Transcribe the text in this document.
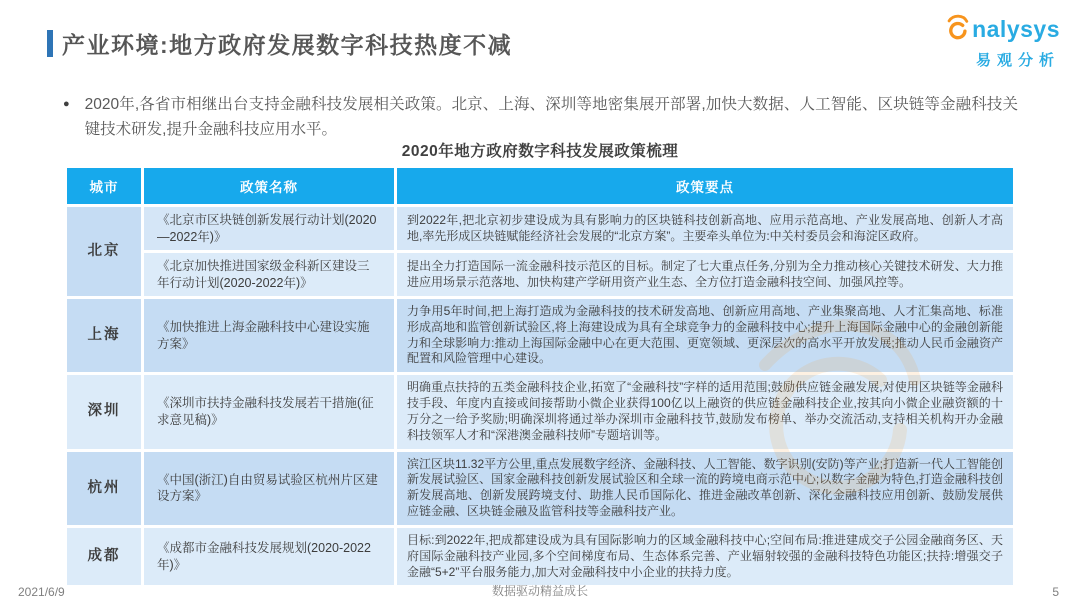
产业环境:地方政府发展数字科技热度不减
nalysys
易观分析
● 2020年,各省市相继出台支持金融科技发展相关政策。北京、上海、深圳等地密集展开部署,加快大数据、人工智能、区块链等金融科技关键技术研发,提升金融科技应用水平。

2020年地方政府数字科技发展政策梳理
城市	政策名称	政策要点
北京	《北京市区块链创新发展行动计划(2020—2022年)》	到2022年,把北京初步建设成为具有影响力的区块链科技创新高地、应用示范高地、产业发展高地、创新人才高地,率先形成区块链赋能经济社会发展的“北京方案”。主要牵头单位为:中关村委员会和海淀区政府。
	《北京加快推进国家级金科新区建设三年行动计划(2020-2022年)》	提出全力打造国际一流金融科技示范区的目标。制定了七大重点任务,分别为全力推动核心关键技术研发、大力推进应用场景示范落地、加快构建产学研用资产业生态、全方位打造金融科技空间、加强风控等。
上海	《加快推进上海金融科技中心建设实施方案》	力争用5年时间,把上海打造成为金融科技的技术研发高地、创新应用高地、产业集聚高地、人才汇集高地、标准形成高地和监管创新试验区,将上海建设成为具有全球竞争力的金融科技中心;提升上海国际金融中心的金融创新能力和全球影响力:推动上海国际金融中心在更大范围、更宽领域、更深层次的高水平开放发展;推动人民币金融资产配置和风险管理中心建设。
深圳	《深圳市扶持金融科技发展若干措施(征求意见稿)》	明确重点扶持的五类金融科技企业,拓宽了“金融科技”字样的适用范围;鼓励供应链金融发展,对使用区块链等金融科技手段、年度内直接或间接帮助小微企业获得100亿以上融资的供应链金融科技企业,按其向小微企业融资额的十万分之一给予奖励;明确深圳将通过举办深圳市金融科技节,鼓励发布榜单、举办交流活动,支持相关机构开办金融科技领军人才和“深港澳金融科技师”专题培训等。
杭州	《中国(浙江)自由贸易试验区杭州片区建设方案》	滨江区块11.32平方公里,重点发展数字经济、金融科技、人工智能、数字识别(安防)等产业;打造新一代人工智能创新发展试验区、国家金融科技创新发展试验区和全球一流的跨境电商示范中心;以数字金融为特色,打造金融科技创新发展高地、创新发展跨境支付、助推人民币国际化、推进金融改革创新、深化金融科技应用创新、鼓励发展供应链金融、区块链金融及监管科技等金融科技产业。
成都	《成都市金融科技发展规划(2020-2022年)》	目标:到2022年,把成都建设成为具有国际影响力的区域金融科技中心;空间布局:推进建成交子公园金融商务区、天府国际金融科技产业园,多个空间梯度布局、生态体系完善、产业辐射较强的金融科技特色功能区;扶持:增强交子金融“5+2”平台服务能力,加大对金融科技中小企业的扶持力度。
2021/6/9	数据驱动精益成长	5
